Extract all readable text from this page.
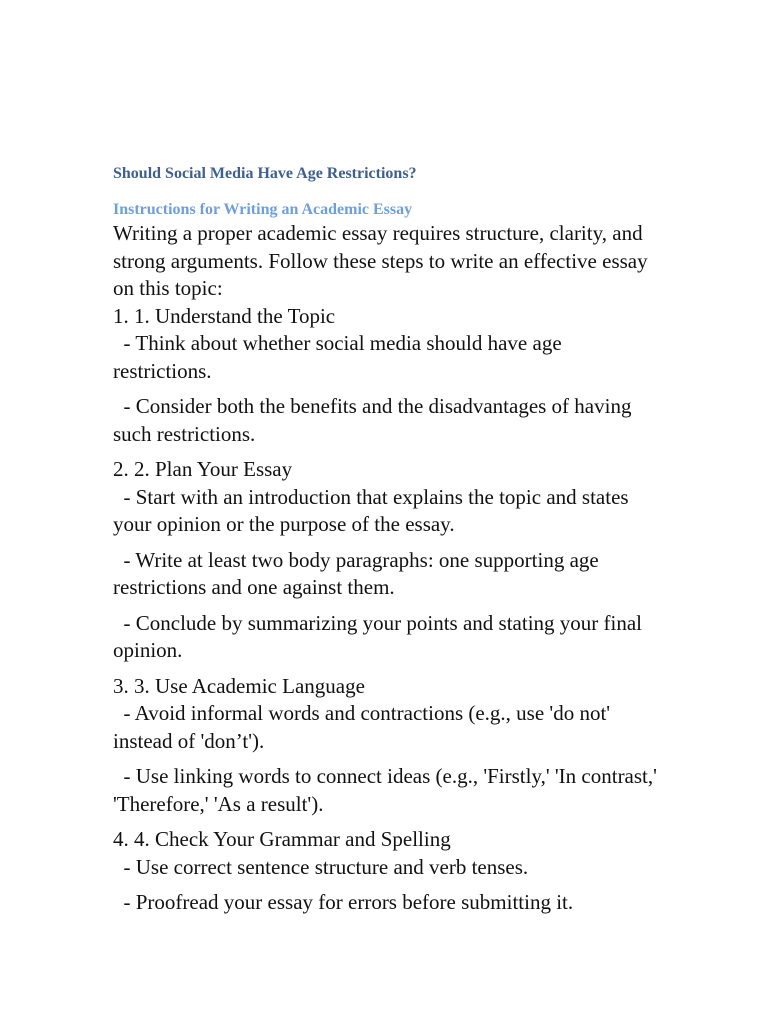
Should Social Media Have Age Restrictions?
Instructions for Writing an Academic Essay

Writing a proper academic essay requires structure, clarity, and strong arguments. Follow these steps to write an effective essay on this topic:

1. 1. Understand the Topic

- Think about whether social media should have age restrictions.

- Consider both the benefits and the disadvantages of having such restrictions.

2. 2. Plan Your Essay

- Start with an introduction that explains the topic and states your opinion or the purpose of the essay.

- Write at least two body paragraphs: one supporting age restrictions and one against them.

- Conclude by summarizing your points and stating your final opinion.

3. 3. Use Academic Language

- Avoid informal words and contractions (e.g., use 'do not' instead of 'don’t').

- Use linking words to connect ideas (e.g., 'Firstly,' 'In contrast,' 'Therefore,' 'As a result').

4. 4. Check Your Grammar and Spelling

- Use correct sentence structure and verb tenses.

- Proofread your essay for errors before submitting it.
